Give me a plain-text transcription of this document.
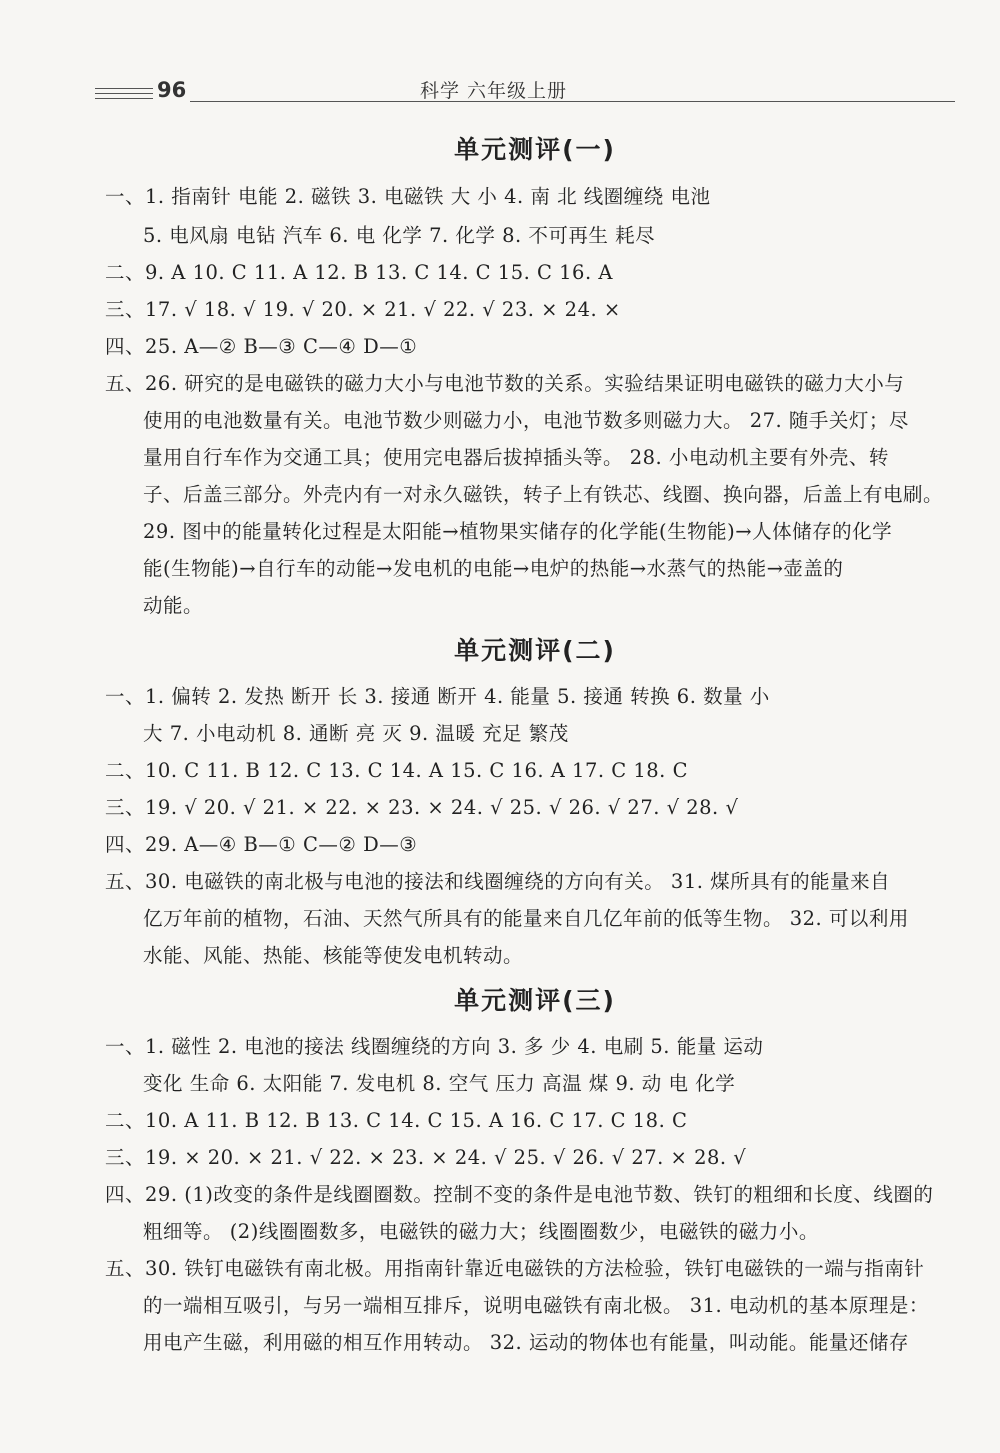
96	科学 六年级上册
单元测评(一)
一、1. 指南针 电能 2. 磁铁 3. 电磁铁 大 小 4. 南 北 线圈缠绕 电池
5. 电风扇 电钻 汽车 6. 电 化学 7. 化学 8. 不可再生 耗尽
二、9. A 10. C 11. A 12. B 13. C 14. C 15. C 16. A
三、17. √ 18. √ 19. √ 20. × 21. √ 22. √ 23. × 24. ×
四、25. A—② B—③ C—④ D—①
五、26. 研究的是电磁铁的磁力大小与电池节数的关系。实验结果证明电磁铁的磁力大小与
使用的电池数量有关。电池节数少则磁力小，电池节数多则磁力大。 27. 随手关灯；尽
量用自行车作为交通工具；使用完电器后拔掉插头等。 28. 小电动机主要有外壳、转
子、后盖三部分。外壳内有一对永久磁铁，转子上有铁芯、线圈、换向器，后盖上有电刷。
29. 图中的能量转化过程是太阳能→植物果实储存的化学能(生物能)→人体储存的化学
能(生物能)→自行车的动能→发电机的电能→电炉的热能→水蒸气的热能→壶盖的
动能。
单元测评(二)
一、1. 偏转 2. 发热 断开 长 3. 接通 断开 4. 能量 5. 接通 转换 6. 数量 小
大 7. 小电动机 8. 通断 亮 灭 9. 温暖 充足 繁茂
二、10. C 11. B 12. C 13. C 14. A 15. C 16. A 17. C 18. C
三、19. √ 20. √ 21. × 22. × 23. × 24. √ 25. √ 26. √ 27. √ 28. √
四、29. A—④ B—① C—② D—③
五、30. 电磁铁的南北极与电池的接法和线圈缠绕的方向有关。 31. 煤所具有的能量来自
亿万年前的植物，石油、天然气所具有的能量来自几亿年前的低等生物。 32. 可以利用
水能、风能、热能、核能等使发电机转动。
单元测评(三)
一、1. 磁性 2. 电池的接法 线圈缠绕的方向 3. 多 少 4. 电刷 5. 能量 运动
变化 生命 6. 太阳能 7. 发电机 8. 空气 压力 高温 煤 9. 动 电 化学
二、10. A 11. B 12. B 13. C 14. C 15. A 16. C 17. C 18. C
三、19. × 20. × 21. √ 22. × 23. × 24. √ 25. √ 26. √ 27. × 28. √
四、29. (1)改变的条件是线圈圈数。控制不变的条件是电池节数、铁钉的粗细和长度、线圈的
粗细等。 (2)线圈圈数多，电磁铁的磁力大；线圈圈数少，电磁铁的磁力小。
五、30. 铁钉电磁铁有南北极。用指南针靠近电磁铁的方法检验，铁钉电磁铁的一端与指南针
的一端相互吸引，与另一端相互排斥，说明电磁铁有南北极。 31. 电动机的基本原理是：
用电产生磁，利用磁的相互作用转动。 32. 运动的物体也有能量，叫动能。能量还储存
